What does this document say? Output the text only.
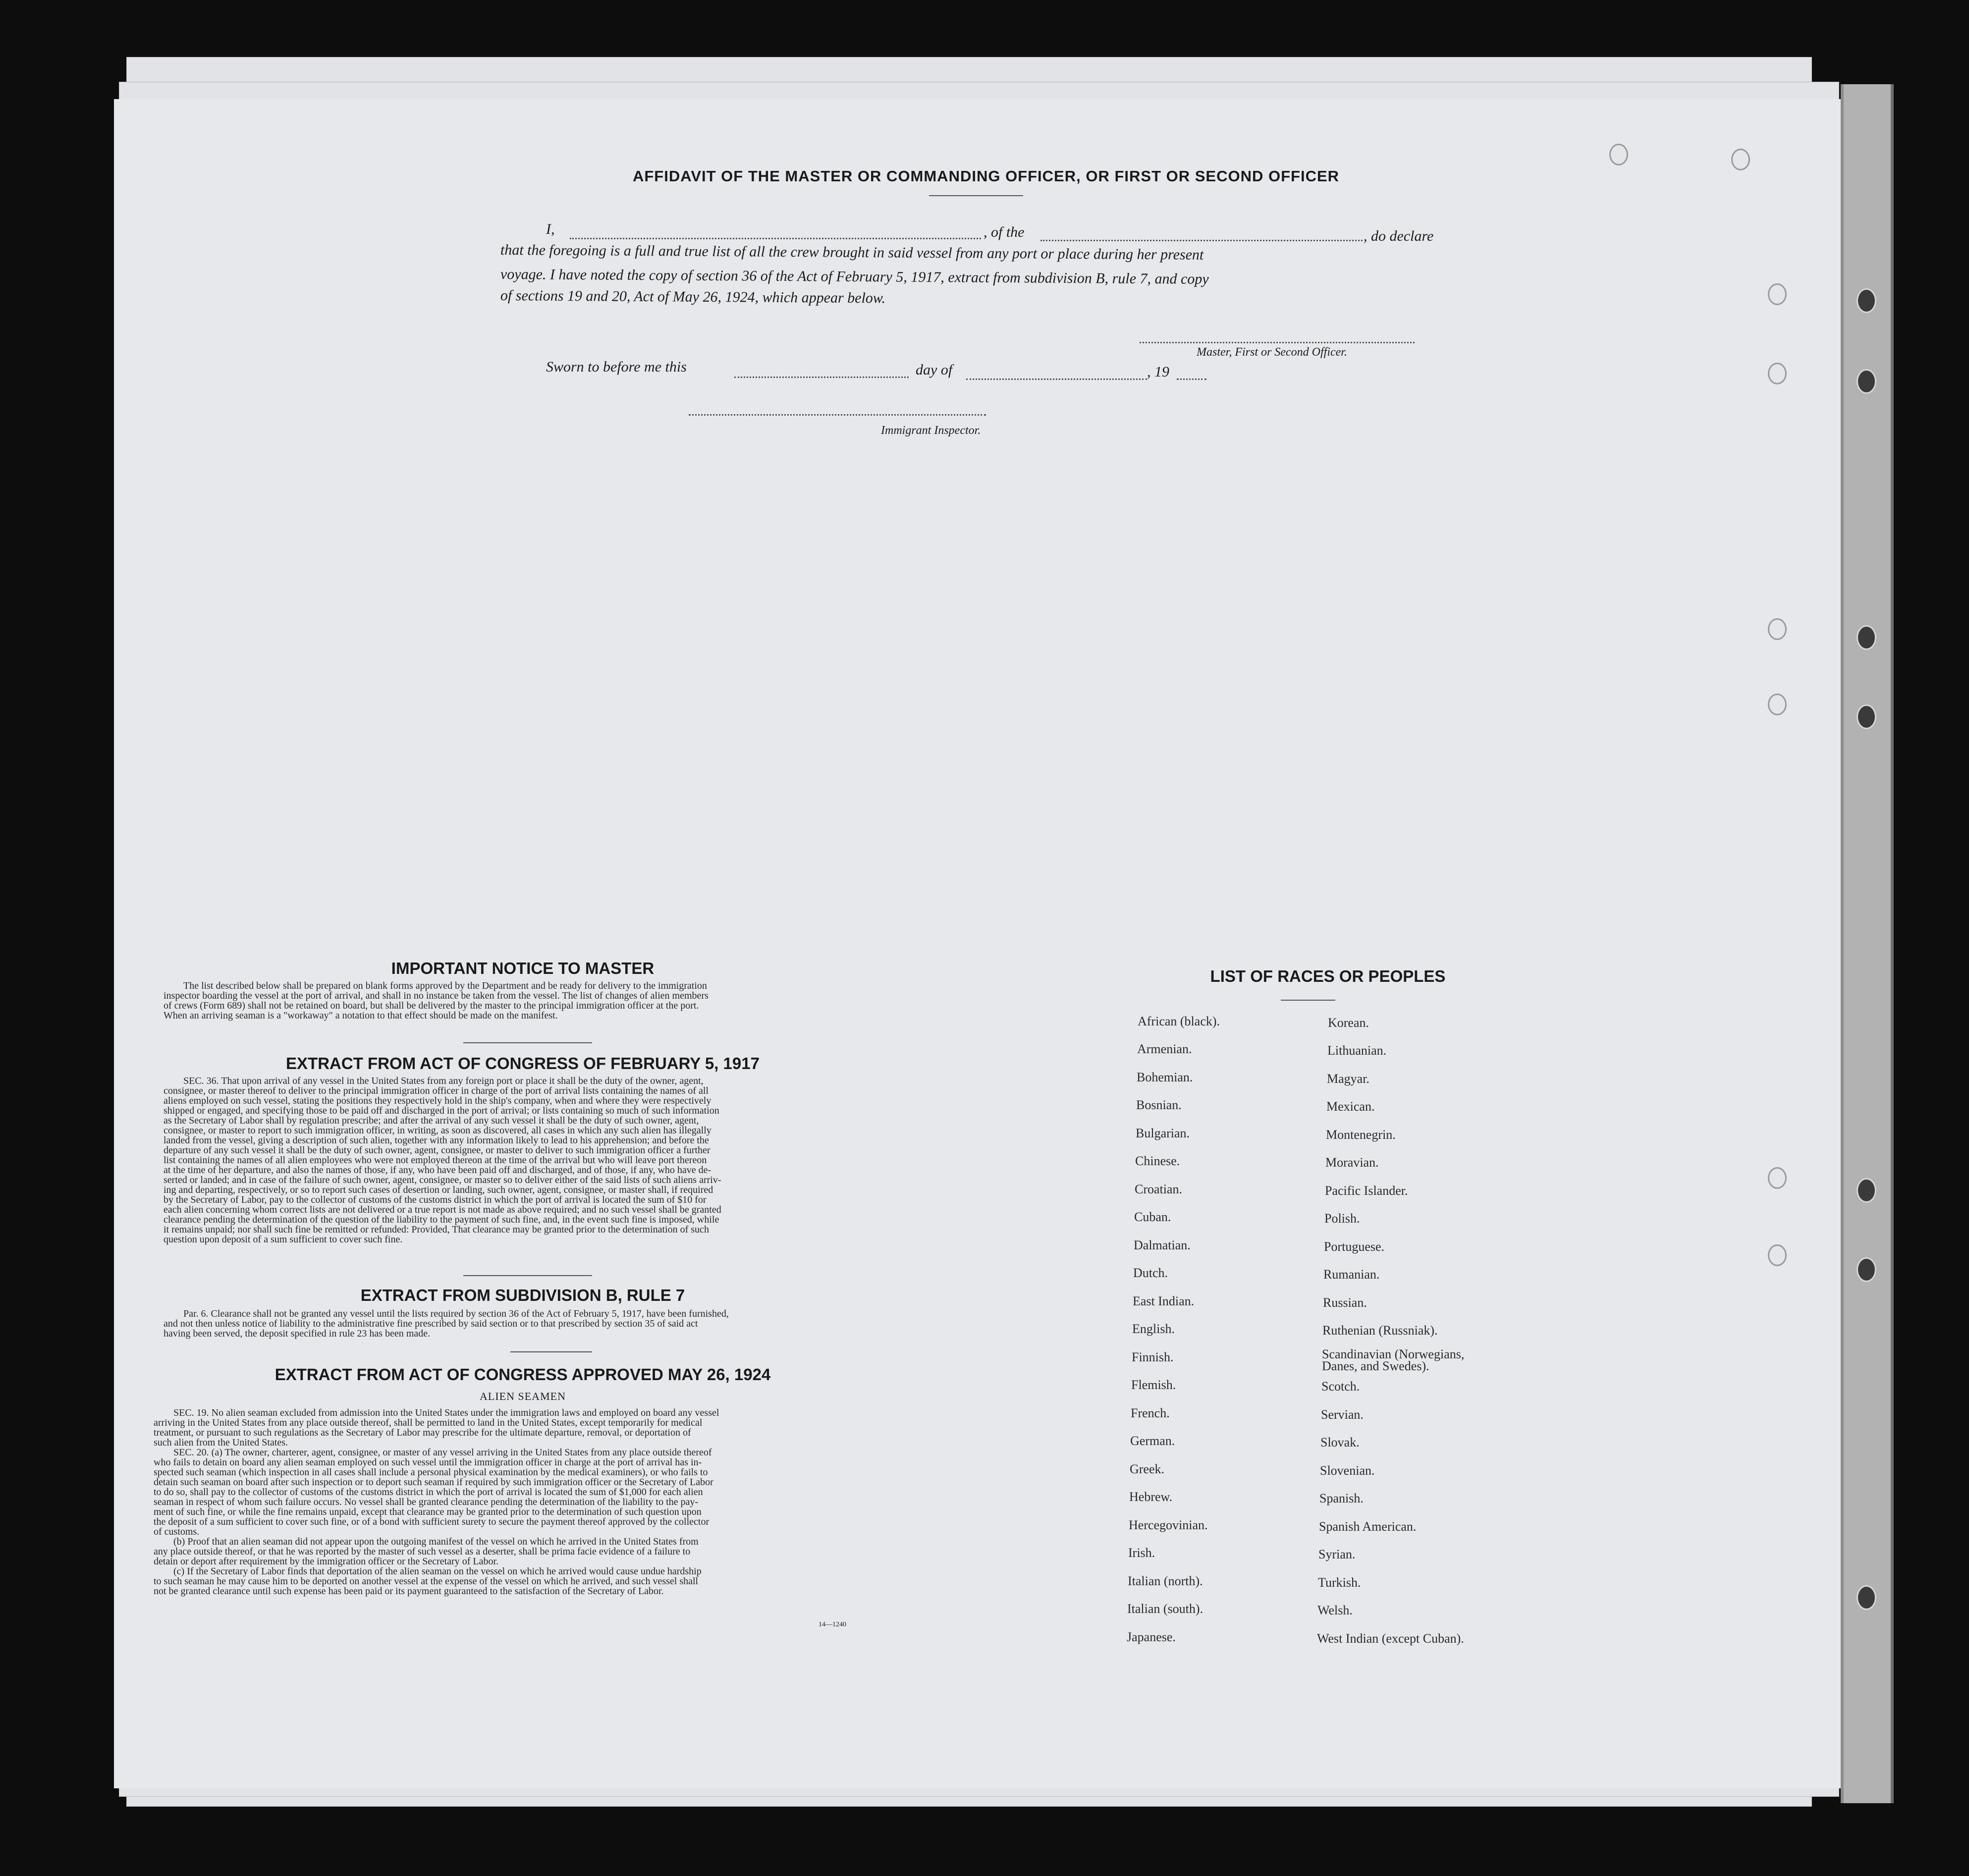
AFFIDAVIT OF THE MASTER OR COMMANDING OFFICER, OR FIRST OR SECOND OFFICER
I,	, of the	, do declare
that the foregoing is a full and true list of all the crew brought in said vessel from any port or place during her present
voyage. I have noted the copy of section 36 of the Act of February 5, 1917, extract from subdivision B, rule 7, and copy
of sections 19 and 20, Act of May 26, 1924, which appear below.
Master, First or Second Officer.
Sworn to before me this	day of	, 19
Immigrant Inspector.
IMPORTANT NOTICE TO MASTER
The list described below shall be prepared on blank forms approved by the Department and be ready for delivery to the immigration
inspector boarding the vessel at the port of arrival, and shall in no instance be taken from the vessel. The list of changes of alien members
of crews (Form 689) shall not be retained on board, but shall be delivered by the master to the principal immigration officer at the port.
When an arriving seaman is a "workaway" a notation to that effect should be made on the manifest.
EXTRACT FROM ACT OF CONGRESS OF FEBRUARY 5, 1917
SEC. 36. That upon arrival of any vessel in the United States from any foreign port or place it shall be the duty of the owner, agent,
consignee, or master thereof to deliver to the principal immigration officer in charge of the port of arrival lists containing the names of all
aliens employed on such vessel, stating the positions they respectively hold in the ship's company, when and where they were respectively
shipped or engaged, and specifying those to be paid off and discharged in the port of arrival; or lists containing so much of such information
as the Secretary of Labor shall by regulation prescribe; and after the arrival of any such vessel it shall be the duty of such owner, agent,
consignee, or master to report to such immigration officer, in writing, as soon as discovered, all cases in which any such alien has illegally
landed from the vessel, giving a description of such alien, together with any information likely to lead to his apprehension; and before the
departure of any such vessel it shall be the duty of such owner, agent, consignee, or master to deliver to such immigration officer a further
list containing the names of all alien employees who were not employed thereon at the time of the arrival but who will leave port thereon
at the time of her departure, and also the names of those, if any, who have been paid off and discharged, and of those, if any, who have de-
serted or landed; and in case of the failure of such owner, agent, consignee, or master so to deliver either of the said lists of such aliens arriv-
ing and departing, respectively, or so to report such cases of desertion or landing, such owner, agent, consignee, or master shall, if required
by the Secretary of Labor, pay to the collector of customs of the customs district in which the port of arrival is located the sum of $10 for
each alien concerning whom correct lists are not delivered or a true report is not made as above required; and no such vessel shall be granted
clearance pending the determination of the question of the liability to the payment of such fine, and, in the event such fine is imposed, while
it remains unpaid; nor shall such fine be remitted or refunded: Provided, That clearance may be granted prior to the determination of such
question upon deposit of a sum sufficient to cover such fine.
EXTRACT FROM SUBDIVISION B, RULE 7
Par. 6. Clearance shall not be granted any vessel until the lists required by section 36 of the Act of February 5, 1917, have been furnished,
and not then unless notice of liability to the administrative fine prescribed by said section or to that prescribed by section 35 of said act
having been served, the deposit specified in rule 23 has been made.
EXTRACT FROM ACT OF CONGRESS APPROVED MAY 26, 1924
ALIEN SEAMEN
SEC. 19. No alien seaman excluded from admission into the United States under the immigration laws and employed on board any vessel
arriving in the United States from any place outside thereof, shall be permitted to land in the United States, except temporarily for medical
treatment, or pursuant to such regulations as the Secretary of Labor may prescribe for the ultimate departure, removal, or deportation of
such alien from the United States.
SEC. 20. (a) The owner, charterer, agent, consignee, or master of any vessel arriving in the United States from any place outside thereof
who fails to detain on board any alien seaman employed on such vessel until the immigration officer in charge at the port of arrival has in-
spected such seaman (which inspection in all cases shall include a personal physical examination by the medical examiners), or who fails to
detain such seaman on board after such inspection or to deport such seaman if required by such immigration officer or the Secretary of Labor
to do so, shall pay to the collector of customs of the customs district in which the port of arrival is located the sum of $1,000 for each alien
seaman in respect of whom such failure occurs. No vessel shall be granted clearance pending the determination of the liability to the pay-
ment of such fine, or while the fine remains unpaid, except that clearance may be granted prior to the determination of such question upon
the deposit of a sum sufficient to cover such fine, or of a bond with sufficient surety to secure the payment thereof approved by the collector
of customs.
(b) Proof that an alien seaman did not appear upon the outgoing manifest of the vessel on which he arrived in the United States from
any place outside thereof, or that he was reported by the master of such vessel as a deserter, shall be prima facie evidence of a failure to
detain or deport after requirement by the immigration officer or the Secretary of Labor.
(c) If the Secretary of Labor finds that deportation of the alien seaman on the vessel on which he arrived would cause undue hardship
to such seaman he may cause him to be deported on another vessel at the expense of the vessel on which he arrived, and such vessel shall
not be granted clearance until such expense has been paid or its payment guaranteed to the satisfaction of the Secretary of Labor.
14—1240
LIST OF RACES OR PEOPLES
African (black).
Armenian.
Bohemian.
Bosnian.
Bulgarian.
Chinese.
Croatian.
Cuban.
Dalmatian.
Dutch.
East Indian.
English.
Finnish.
Flemish.
French.
German.
Greek.
Hebrew.
Hercegovinian.
Irish.
Italian (north).
Italian (south).
Japanese.
Korean.
Lithuanian.
Magyar.
Mexican.
Montenegrin.
Moravian.
Pacific Islander.
Polish.
Portuguese.
Rumanian.
Russian.
Ruthenian (Russniak).
Scandinavian (Norwegians, Danes, and Swedes).
Scotch.
Servian.
Slovak.
Slovenian.
Spanish.
Spanish American.
Syrian.
Turkish.
Welsh.
West Indian (except Cuban).
